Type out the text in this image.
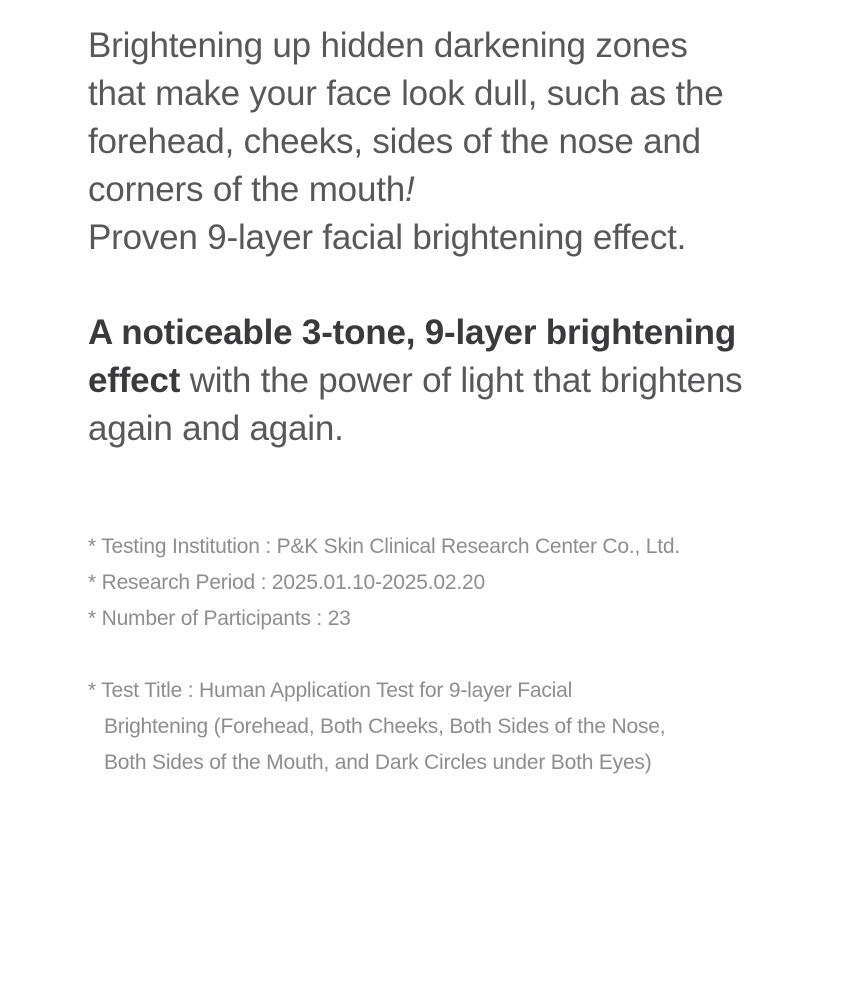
Brightening up hidden darkening zones
that make your face look dull, such as the
forehead, cheeks, sides of the nose and
corners of the mouth!
Proven 9-layer facial brightening effect.
A noticeable 3-tone, 9-layer brightening effect with the power of light that brightens again and again.
* Testing Institution : P&K Skin Clinical Research Center Co., Ltd.
* Research Period : 2025.01.10-2025.02.20
* Number of Participants : 23
* Test Title : Human Application Test for 9-layer Facial
Brightening (Forehead, Both Cheeks, Both Sides of the Nose,
Both Sides of the Mouth, and Dark Circles under Both Eyes)
